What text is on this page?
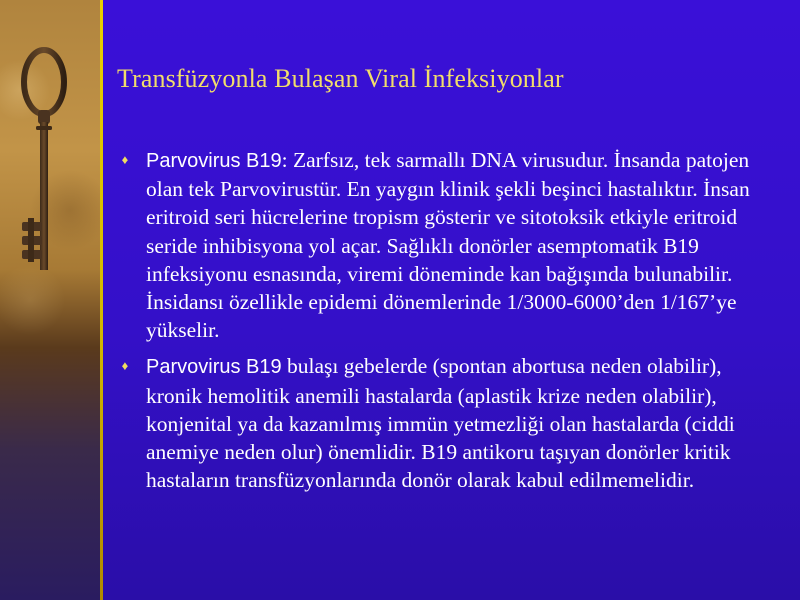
Transfüzyonla Bulaşan Viral İnfeksiyonlar
♦ Parvovirus B19: Zarfsız, tek sarmallı DNA virusudur. İnsanda patojen olan tek Parvovirustür. En yaygın klinik şekli beşinci hastalıktır. İnsan eritroid seri hücrelerine tropism gösterir ve sitotoksik etkiyle eritroid seride inhibisyona yol açar. Sağlıklı donörler asemptomatik B19 infeksiyonu esnasında, viremi döneminde kan bağışında bulunabilir. İnsidansı özellikle epidemi dönemlerinde 1/3000-6000’den 1/167’ye yükselir.
♦ Parvovirus B19 bulaşı gebelerde (spontan abortusa neden olabilir), kronik hemolitik anemili hastalarda (aplastik krize neden olabilir), konjenital ya da kazanılmış immün yetmezliği olan hastalarda (ciddi anemiye neden olur) önemlidir. B19 antikoru taşıyan donörler kritik hastaların transfüzyonlarında donör olarak kabul edilmemelidir.
